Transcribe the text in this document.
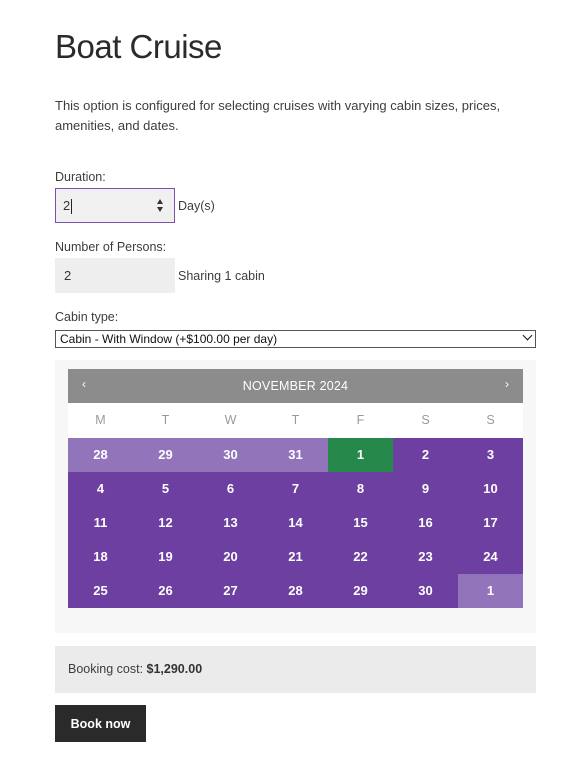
Boat Cruise
This option is configured for selecting cruises with varying cabin sizes, prices, amenities, and dates.
Duration:
2	Day(s)
Number of Persons:
2	Sharing 1 cabin
Cabin type:
Cabin - With Window (+$100.00 per day)
‹	NOVEMBER 2024	›
M	T	W	T	F	S	S
28	29	30	31	1	2	3
4	5	6	7	8	9	10
11	12	13	14	15	16	17
18	19	20	21	22	23	24
25	26	27	28	29	30	1
Booking cost: $1,290.00
Book now
